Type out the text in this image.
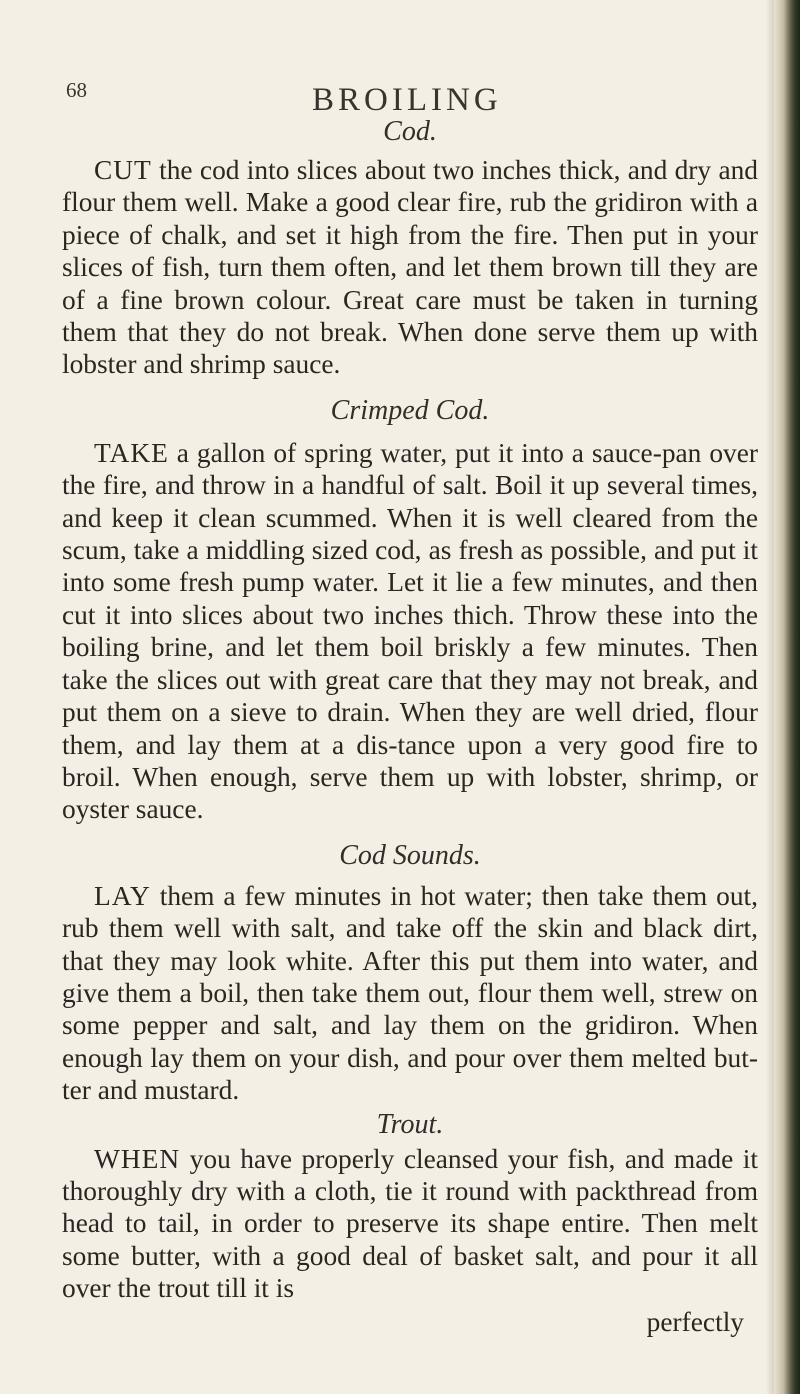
68	BROILING
Cod.
CUT the cod into slices about two inches thick, and dry and flour them well. Make a good clear fire, rub the gridiron with a piece of chalk, and set it high from the fire. Then put in your slices of fish, turn them often, and let them brown till they are of a fine brown colour. Great care must be taken in turning them that they do not break. When done serve them up with lobster and shrimp sauce.
Crimped Cod.
TAKE a gallon of spring water, put it into a sauce-pan over the fire, and throw in a handful of salt. Boil it up several times, and keep it clean scummed. When it is well cleared from the scum, take a middling sized cod, as fresh as possible, and put it into some fresh pump water. Let it lie a few minutes, and then cut it into slices about two inches thich. Throw these into the boiling brine, and let them boil briskly a few minutes. Then take the slices out with great care that they may not break, and put them on a sieve to drain. When they are well dried, flour them, and lay them at a dis-tance upon a very good fire to broil. When enough, serve them up with lobster, shrimp, or oyster sauce.
Cod Sounds.
LAY them a few minutes in hot water; then take them out, rub them well with salt, and take off the skin and black dirt, that they may look white. After this put them into water, and give them a boil, then take them out, flour them well, strew on some pepper and salt, and lay them on the gridiron. When enough lay them on your dish, and pour over them melted but-ter and mustard.
Trout.
WHEN you have properly cleansed your fish, and made it thoroughly dry with a cloth, tie it round with packthread from head to tail, in order to preserve its shape entire. Then melt some butter, with a good deal of basket salt, and pour it all over the trout till it is
perfectly
